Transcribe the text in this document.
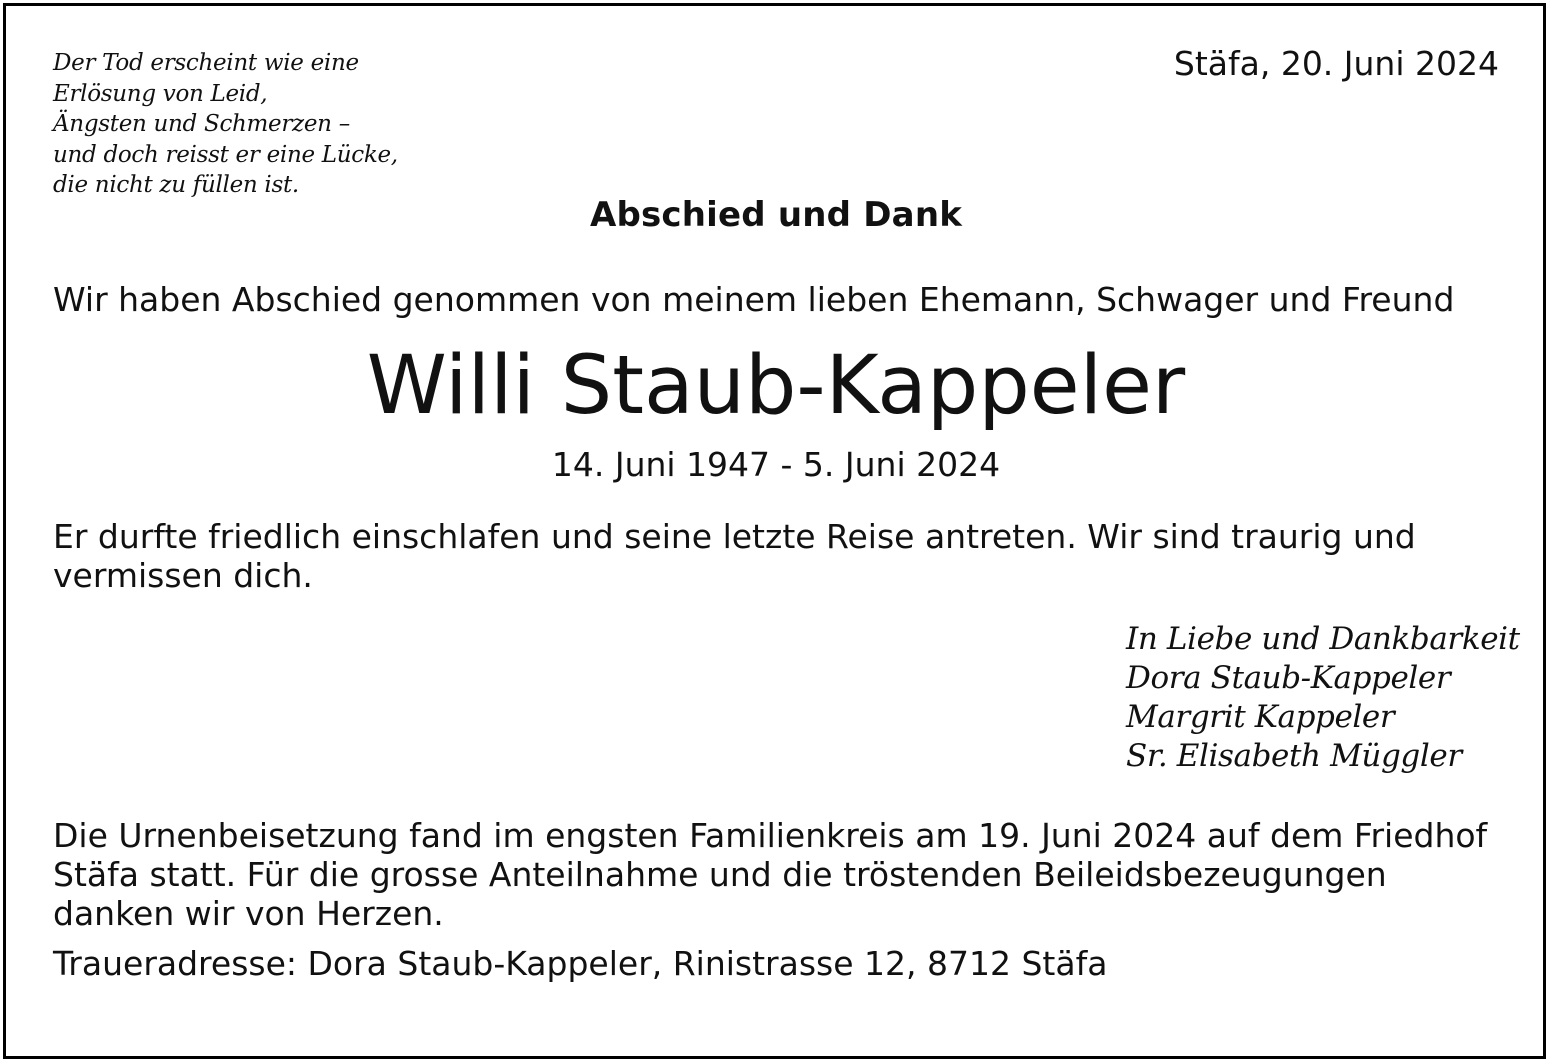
Der Tod erscheint wie eine
Erlösung von Leid,
Ängsten und Schmerzen –
und doch reisst er eine Lücke,
die nicht zu füllen ist.
Stäfa, 20. Juni 2024
Abschied und Dank
Wir haben Abschied genommen von meinem lieben Ehemann, Schwager und Freund
Willi Staub-Kappeler
14. Juni 1947 - 5. Juni 2024
Er durfte friedlich einschlafen und seine letzte Reise antreten. Wir sind traurig und vermissen dich.
In Liebe und Dankbarkeit
Dora Staub-Kappeler
Margrit Kappeler
Sr. Elisabeth Müggler
Die Urnenbeisetzung fand im engsten Familienkreis am 19. Juni 2024 auf dem Friedhof Stäfa statt. Für die grosse Anteilnahme und die tröstenden Beileidsbezeugungen danken wir von Herzen.
Traueradresse: Dora Staub-Kappeler, Rinistrasse 12, 8712 Stäfa
